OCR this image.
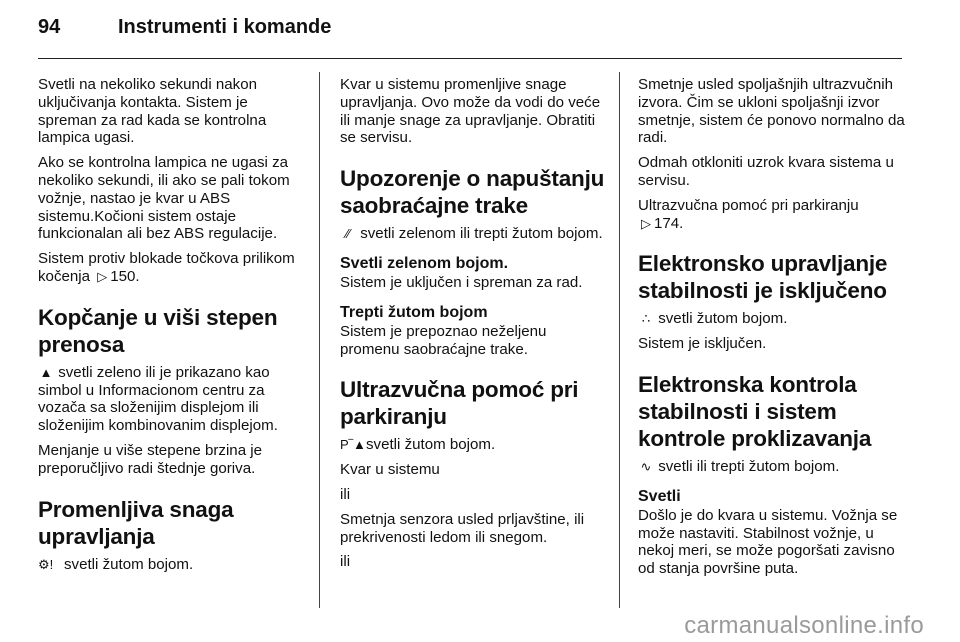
94	Instrumenti i komande

Svetli na nekoliko sekundi nakon uključivanja kontakta. Sistem je spreman za rad kada se kontrolna lampica ugasi.

Ako se kontrolna lampica ne ugasi za nekoliko sekundi, ili ako se pali tokom vožnje, nastao je kvar u ABS sistemu.Kočioni sistem ostaje funkcionalan ali bez ABS regulacije.

Sistem protiv blokade točkova prilikom kočenja ▷ 150.

Kopčanje u viši stepen prenosa

▲ svetli zeleno ili je prikazano kao simbol u Informacionom centru za vozača sa složenijim displejom ili složenijim kombinovanim displejom.

Menjanje u više stepene brzina je preporučljivo radi štednje goriva.

Promenljiva snaga upravljanja

⚙! svetli žutom bojom.

Kvar u sistemu promenljive snage upravljanja. Ovo može da vodi do veće ili manje snage za upravljanje. Obratiti se servisu.

Upozorenje o napuštanju saobraćajne trake

∕∕ svetli zelenom ili trepti žutom bojom.

Svetli zelenom bojom.

Sistem je uključen i spreman za rad.

Trepti žutom bojom

Sistem je prepoznao neželjenu promenu saobraćajne trake.

Ultrazvučna pomoć pri parkiranju

P‾▲svetli žutom bojom.

Kvar u sistemu

ili

Smetnja senzora usled prljavštine, ili prekrivenosti ledom ili snegom.

ili

Smetnje usled spoljašnjih ultrazvučnih izvora. Čim se ukloni spoljašnji izvor smetnje, sistem će ponovo normalno da radi.

Odmah otkloniti uzrok kvara sistema u servisu.

Ultrazvučna pomoć pri parkiranju
▷ 174.

Elektronsko upravljanje stabilnosti je isključeno

∴ svetli žutom bojom.

Sistem je isključen.

Elektronska kontrola stabilnosti i sistem kontrole proklizavanja

∿ svetli ili trepti žutom bojom.

Svetli

Došlo je do kvara u sistemu. Vožnja se može nastaviti. Stabilnost vožnje, u nekoj meri, se može pogoršati zavisno od stanja površine puta.

carmanualsonline.info
